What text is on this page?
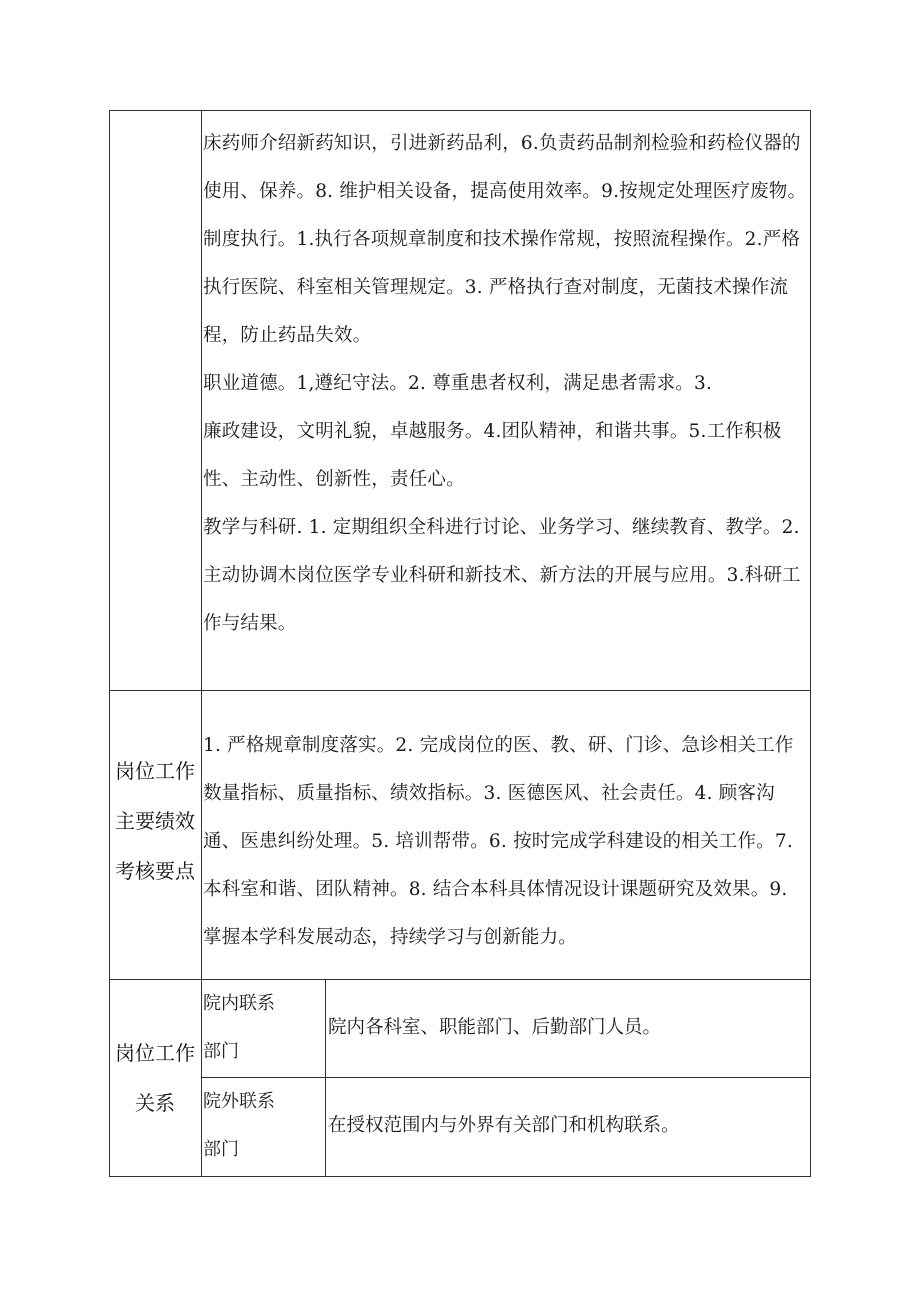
床药师介绍新药知识，引进新药品利，6.负责药品制剂检验和药检仪器的使用、保养。8. 维护相关设备，提高使用效率。9.按规定处理医疗废物。

制度执行。1.执行各项规章制度和技术操作常规，按照流程操作。2.严格执行医院、科室相关管理规定。3. 严格执行查对制度，无菌技术操作流程，防止药品失效。

职业道德。1,遵纪守法。2. 尊重患者权利，满足患者需求。3.

廉政建设，文明礼貌，卓越服务。4.团队精神，和谐共事。5.工作积极性、主动性、创新性，责任心。

教学与科研. 1. 定期组织全科进行讨论、业务学习、继续教育、教学。2.主动协调木岗位医学专业科研和新技术、新方法的开展与应用。3.科研工作与结果。

岗位工作主要绩效考核要点
1. 严格规章制度落实。2. 完成岗位的医、教、研、门诊、急诊相关工作数量指标、质量指标、绩效指标。3. 医德医风、社会责任。4. 顾客沟通、医患纠纷处理。5. 培训帮带。6. 按时完成学科建设的相关工作。7.本科室和谐、团队精神。8. 结合本科具体情况设计课题研究及效果。9. 掌握本学科发展动态，持续学习与创新能力。
岗位工作关系
院内联系部门
院内各科室、职能部门、后勤部门人员。
院外联系部门
在授权范围内与外界有关部门和机构联系。
